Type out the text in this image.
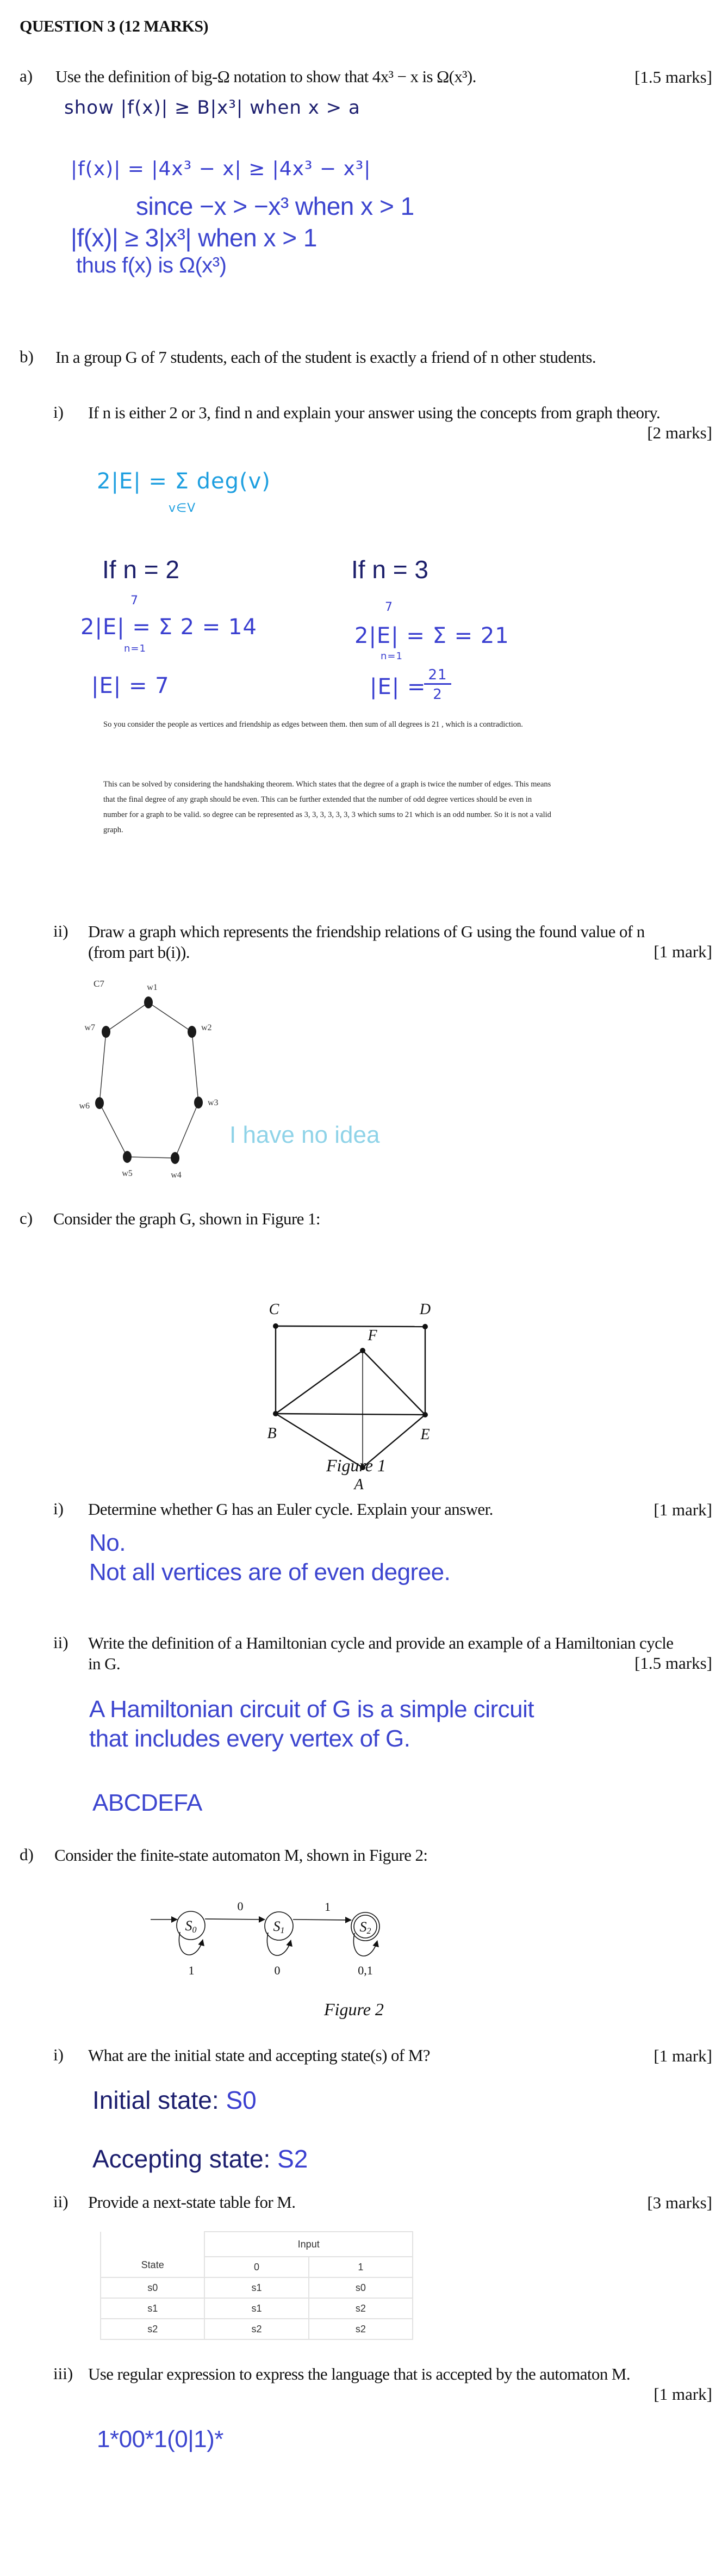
QUESTION 3 (12 MARKS)
a) Use the definition of big-Ω notation to show that 4x³ − x is Ω(x³).	[1.5 marks]
show |f(x)| ≥ B|x³| when x > a
|f(x)| = |4x³ − x| ≥ |4x³ − x³|
since −x > −x³ when x > 1
|f(x)| ≥ 3|x³| when x > 1
thus f(x) is Ω(x³)
b) In a group G of 7 students, each of the student is exactly a friend of n other students.
i) If n is either 2 or 3, find n and explain your answer using the concepts from graph theory.
[2 marks]
2|E| = Σ deg(v)
v∈V
If n = 2
7
2|E| = Σ 2 = 14
n=1
|E| = 7
If n = 3
7
2|E| = Σ = 21
n=1
|E| = 21
2
So you consider the people as vertices and friendship as edges between them. then sum of all degrees is 21 , which is a contradiction.
This can be solved by considering the handshaking theorem. Which states that the degree of a graph is twice the number of edges. This means that the final degree of any graph should be even. This can be further extended that the number of odd degree vertices should be even in number for a graph to be valid. so degree can be represented as 3, 3, 3, 3, 3, 3, 3 which sums to 21 which is an odd number. So it is not a valid graph.
ii) Draw a graph which represents the friendship relations of G using the found value of n (from part b(i)).	[1 mark]
C7	w1
w2
w3
w4
w5
w6
w7
I have no idea
c) Consider the graph G, shown in Figure 1:
A
B
C	D
E
F
Figure 1
i) Determine whether G has an Euler cycle. Explain your answer.	[1 mark]
No.
Not all vertices are of even degree.
ii) Write the definition of a Hamiltonian cycle and provide an example of a Hamiltonian cycle in G.	[1.5 marks]
A Hamiltonian circuit of G is a simple circuit
that includes every vertex of G.
ABCDEFA
d) Consider the finite-state automaton M, shown in Figure 2:
S0	S1	S2
0	1
1	0	0,1
Figure 2
i) What are the initial state and accepting state(s) of M?	[1 mark]
Initial state: S0
Accepting state: S2
ii) Provide a next-state table for M.	[3 marks]
State	Input	
	0	1
s0	s1	s0
s1	s1	s2
s2	s2	s2
iii) Use regular expression to express the language that is accepted by the automaton M.
[1 mark]
1*00*1(0|1)*
